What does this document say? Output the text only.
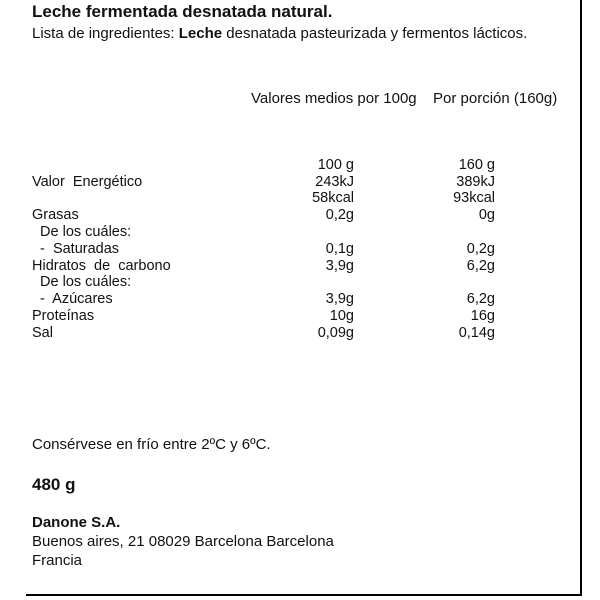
Leche fermentada desnatada natural.
Lista de ingredientes: Leche desnatada pasteurizada y fermentos lácticos.
Valores medios por 100g Por porción (160g)
100 g	160 g
Valor  Energético	243kJ	389kJ
58kcal	93kcal
Grasas	0,2g	0g
De los cuáles:
-  Saturadas	0,1g	0,2g
Hidratos  de  carbono	3,9g	6,2g
De los cuáles:
-  Azúcares	3,9g	6,2g
Proteínas	10g	16g
Sal	0,09g	0,14g
Consérvese en frío entre 2ºC y 6ºC.
480 g
Danone S.A.
Buenos aires, 21 08029 Barcelona Barcelona
Francia
